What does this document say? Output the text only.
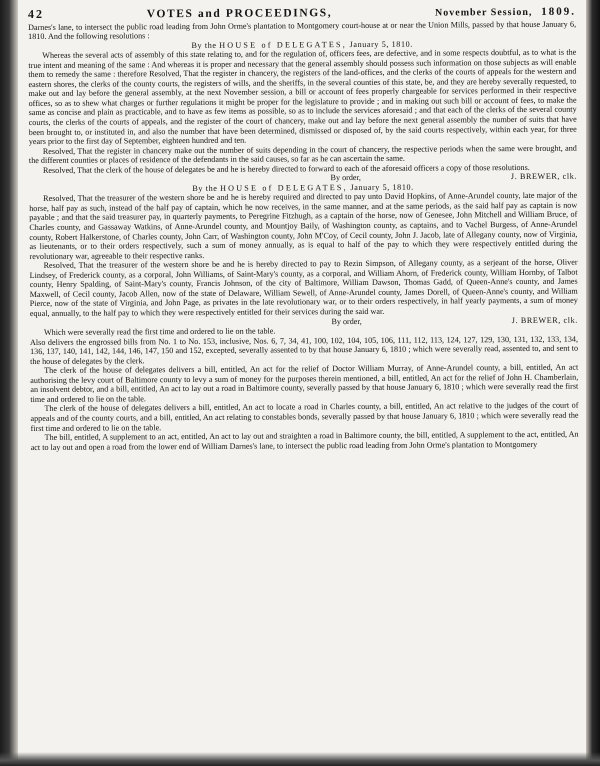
42	VOTES and PROCEEDINGS,	November Session, 1809.

Darnes's lane, to intersect the public road leading from John Orme's plantation to Montgomery court-house at or near the Union Mills, passed by that house January 6, 1810. And the following resolutions :

By the HOUSE of DELEGATES, January 5, 1810.

Whereas the several acts of assembly of this state relating to, and for the regulation of, officers fees, are defective, and in some respects doubtful, as to what is the true intent and meaning of the same : And whereas it is proper and necessary that the general assembly should possess such information on those subjects as will enable them to remedy the same : therefore Resolved, That the register in chancery, the registers of the land-offices, and the clerks of the courts of appeals for the western and eastern shores, the clerks of the county courts, the registers of wills, and the sheriffs, in the several counties of this state, be, and they are hereby severally requested, to make out and lay before the general assembly, at the next November session, a bill or account of fees properly chargeable for services performed in their respective offices, so as to shew what charges or further regulations it might be proper for the legislature to provide ; and in making out such bill or account of fees, to make the same as concise and plain as practicable, and to have as few items as possible, so as to include the services aforesaid ; and that each of the clerks of the several county courts, the clerks of the courts of appeals, and the register of the court of chancery, make out and lay before the next general assembly the number of suits that have been brought to, or instituted in, and also the number that have been determined, dismissed or disposed of, by the said courts respectively, within each year, for three years prior to the first day of September, eighteen hundred and ten.

Resolved, That the register in chancery make out the number of suits depending in the court of chancery, the respective periods when the same were brought, and the different counties or places of residence of the defendants in the said causes, so far as he can ascertain the same.

Resolved, That the clerk of the house of delegates be and he is hereby directed to forward to each of the aforesaid officers a copy of those resolutions.

By order,	J. BREWER, clk.
By the HOUSE of DELEGATES, January 5, 1810.

Resolved, That the treasurer of the western shore be and he is hereby required and directed to pay unto David Hopkins, of Anne-Arundel county, late major of the horse, half pay as such, instead of the half pay of captain, which he now receives, in the same manner, and at the same periods, as the said half pay as captain is now payable ; and that the said treasurer pay, in quarterly payments, to Peregrine Fitzhugh, as a captain of the horse, now of Genesee, John Mitchell and William Bruce, of Charles county, and Gassaway Watkins, of Anne-Arundel county, and Mountjoy Baily, of Washington county, as captains, and to Vachel Burgess, of Anne-Arundel county, Robert Halkerstone, of Charles county, John Carr, of Washington county, John M'Coy, of Cecil county, John J. Jacob, late of Allegany county, now of Virginia, as lieutenants, or to their orders respectively, such a sum of money annually, as is equal to half of the pay to which they were respectively entitled during the revolutionary war, agreeable to their respective ranks.

Resolved, That the treasurer of the western shore be and he is hereby directed to pay to Rezin Simpson, of Allegany county, as a serjeant of the horse, Oliver Lindsey, of Frederick county, as a corporal, John Williams, of Saint-Mary's county, as a corporal, and William Ahorn, of Frederick county, William Hornby, of Talbot county, Henry Spalding, of Saint-Mary's county, Francis Johnson, of the city of Baltimore, William Dawson, Thomas Gadd, of Queen-Anne's county, and James Maxwell, of Cecil county, Jacob Allen, now of the state of Delaware, William Sewell, of Anne-Arundel county, James Dorell, of Queen-Anne's county, and William Pierce, now of the state of Virginia, and John Page, as privates in the late revolutionary war, or to their orders respectively, in half yearly payments, a sum of money equal, annually, to the half pay to which they were respectively entitled for their services during the said war.

By order,	J. BREWER, clk.

Which were severally read the first time and ordered to lie on the table.

Also delivers the engrossed bills from No. 1 to No. 153, inclusive, Nos. 6, 7, 34, 41, 100, 102, 104, 105, 106, 111, 112, 113, 124, 127, 129, 130, 131, 132, 133, 134, 136, 137, 140, 141, 142, 144, 146, 147, 150 and 152, excepted, severally assented to by that house January 6, 1810 ; which were severally read, assented to, and sent to the house of delegates by the clerk.

The clerk of the house of delegates delivers a bill, entitled, An act for the relief of Doctor William Murray, of Anne-Arundel county, a bill, entitled, An act authorising the levy court of Baltimore county to levy a sum of money for the purposes therein mentioned, a bill, entitled, An act for the relief of John H. Chamberlain, an insolvent debtor, and a bill, entitled, An act to lay out a road in Baltimore county, severally passed by that house January 6, 1810 ; which were severally read the first time and ordered to lie on the table.

The clerk of the house of delegates delivers a bill, entitled, An act to locate a road in Charles county, a bill, entitled, An act relative to the judges of the court of appeals and of the county courts, and a bill, entitled, An act relating to constables bonds, severally passed by that house January 6, 1810 ; which were severally read the first time and ordered to lie on the table.

The bill, entitled, A supplement to an act, entitled, An act to lay out and straighten a road in Baltimore county, the bill, entitled, A supplement to the act, entitled, An act to lay out and open a road from the lower end of William Darnes's lane, to intersect the public road leading from John Orme's plantation to Montgomery
